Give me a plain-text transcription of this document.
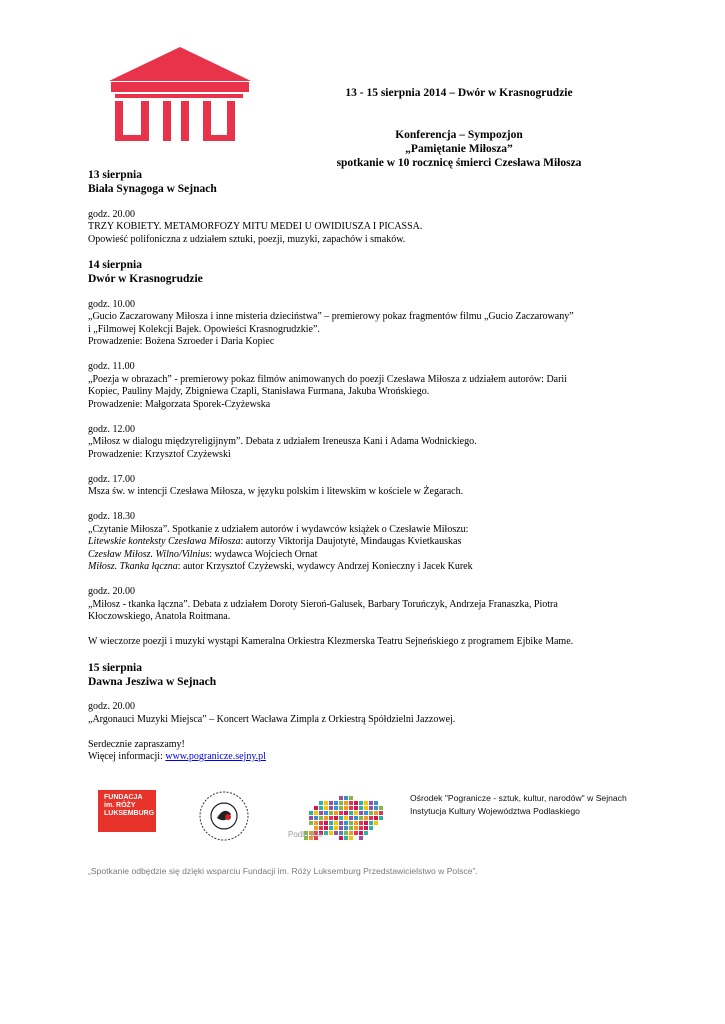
13 - 15 sierpnia 2014 – Dwór w Krasnogrudzie
Konferencja – Sympozjon
„Pamiętanie Miłosza”
spotkanie w 10 rocznicę śmierci Czesława Miłosza
13 sierpnia
Biała Synagoga w Sejnach
godz. 20.00
TRZY KOBIETY. METAMORFOZY MITU MEDEI U OWIDIUSZA I PICASSA.
Opowieść polifoniczna z udziałem sztuki, poezji, muzyki, zapachów i smaków.
14 sierpnia
Dwór w Krasnogrudzie
godz. 10.00
„Gucio Zaczarowany Miłosza i inne misteria dzieciństwa” – premierowy pokaz fragmentów filmu „Gucio Zaczarowany”
i „Filmowej Kolekcji Bajek. Opowieści Krasnogrudzkie”.
Prowadzenie: Bożena Szroeder i Daria Kopiec
godz. 11.00
„Poezja w obrazach” - premierowy pokaz filmów animowanych do poezji Czesława Miłosza z udziałem autorów: Darii
Kopiec, Pauliny Majdy, Zbigniewa Czapli, Stanisława Furmana, Jakuba Wrońskiego.
Prowadzenie: Małgorzata Sporek-Czyżewska
godz. 12.00
„Miłosz w dialogu międzyreligijnym”. Debata z udziałem Ireneusza Kani i Adama Wodnickiego.
Prowadzenie: Krzysztof Czyżewski
godz. 17.00
Msza św. w intencji Czesława Miłosza, w języku polskim i litewskim w kościele w Żegarach.
godz. 18.30
„Czytanie Miłosza”. Spotkanie z udziałem autorów i wydawców książek o Czesławie Miłoszu:
Litewskie konteksty Czesława Miłosza: autorzy Viktorija Daujotytė, Mindaugas Kvietkauskas
Czesław Miłosz. Wilno/Vilnius: wydawca Wojciech Ornat
Miłosz. Tkanka łączna: autor Krzysztof Czyżewski, wydawcy Andrzej Konieczny i Jacek Kurek
godz. 20.00
„Miłosz - tkanka łączna”. Debata z udziałem Doroty Sieroń-Galusek, Barbary Toruńczyk, Andrzeja Franaszka, Piotra
Kłoczowskiego, Anatola Roitmana.
W wieczorze poezji i muzyki wystąpi Kameralna Orkiestra Klezmerska Teatru Sejneńskiego z programem Ejbike Mame.
15 sierpnia
Dawna Jesziwa w Sejnach
godz. 20.00
„Argonauci Muzyki Miejsca” – Koncert Wacława Zimpla z Orkiestrą Spółdzielni Jazzowej.
Serdecznie zapraszamy!
Więcej informacji: www.pogranicze.sejny.pl
FUNDACJA
im. RÓŻY
LUKSEMBURG
Podlaskie
Ośrodek "Pogranicze - sztuk, kultur, narodów" w Sejnach
Instytucja Kultury Województwa Podlaskiego
„Spotkanie odbędzie się dzięki wsparciu Fundacji im. Róży Luksemburg Przedstawicielstwo w Polsce”.
